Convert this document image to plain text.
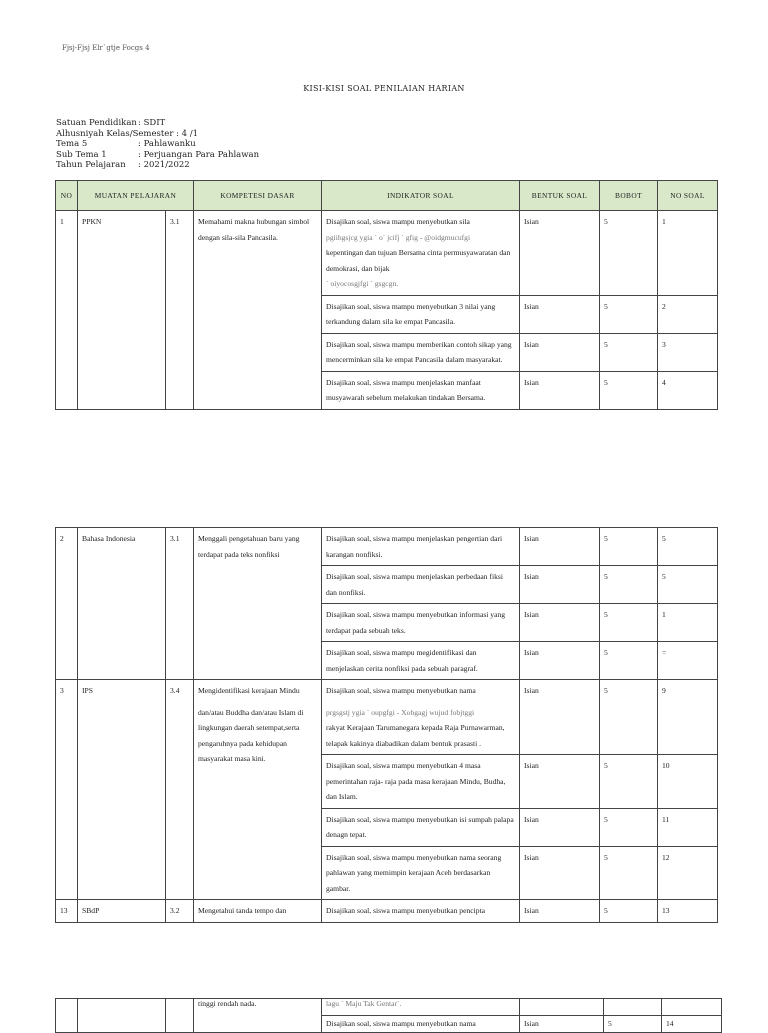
Fjsj-Fjsj Elr`gtje Focgs 4
KISI-KISI SOAL PENILAIAN HARIAN
Satuan Pendidikan : SDIT
Alhusniyah Kelas/Semester
: 4 /1
Tema 5	: Pahlawanku
Sub Tema 1	: Perjuangan Para Pahlawan
Tahun Pelajaran	: 2021/2022
NO	MUATAN PELAJARAN		KOMPETESI DASAR	INDIKATOR SOAL	BENTUK SOAL	BOBOT	NO SOAL
1	PPKN	3.1	Memahami makna hubungan simbol dengan sila-sila Pancasila.	Disajikan soal, siswa mampu menyebutkan sila
pgiihgsjcg ygia ` o` jcifj ` gfig - @oidgmucufgi
kepentingan dan tujuan Bersama cinta permusyawaratan dan demokrasi, dan bijak
` oiyocosgjfgi ` gsgcgn.	Isian	5	1
				Disajikan soal, siswa mampu menyebutkan 3 nilai yang terkandung dalam sila ke empat Pancasila.	Isian	5	2
				Disajikan soal, siswa mampu memberikan contoh sikap yang mencerminkan sila ke empat Pancasila dalam masyarakat.	Isian	5	3
				Disajikan soal, siswa mampu menjelaskan manfaat musyawarah sebelum melakukan tindakan Bersama.	Isian	5	4
2	Bahasa Indonesia	3.1	Menggali pengetahuan baru yang terdapat pada teks nonfiksi	Disajikan soal, siswa mampu menjelaskan pengertian dari karangan nonfiksi.	Isian	5	5
				Disajikan soal, siswa mampu menjelaskan perbedaan fiksi dan nonfiksi.	Isian	5	5
				Disajikan soal, siswa mampu menyebutkan informasi yang terdapat pada sebuah teks.	Isian	5	1
				Disajikan soal, siswa mampu megidentifikasi dan menjelaskan cerita nonfiksi pada sebuah paragraf.	Isian	5	=
3	IPS	3.4	Mengidentifikasi kerajaan Mindu
dan/atau Buddha dan/atau Islam di lingkungan daerah setempat,serta pengaruhnya pada kehidupan masyarakat masa kini.	Disajikan soal, siswa mampu menyebutkan nama
prgsgstj ygia ` oupgfgi - Xobgagj wujud fobjtggi
rakyat Kerajaan Tarumanegara kepada Raja Purnawarman, telapak kakinya diabadikan dalam bentuk prasasti .	Isian	5	9
				Disajikan soal, siswa mampu menyebutkan 4 masa pemerintahan raja- raja pada masa kerajaan Mindu, Budha, dan Islam.	Isian	5	10
				Disajikan soal, siswa mampu menyebutkan isi sumpah palapa denagn tepat.	Isian	5	11
				Disajikan soal, siswa mampu menyebutkan nama seorang pahlawan yang memimpin kerajaan Aceh berdasarkan gambar.	Isian	5	12
13	SBdP	3.2	Mengetahui tanda tempo dan	Disajikan soal, siswa mampu menyebutkan pencipta	Isian	5	13
			tinggi rendah nada.	lagu ` Maju Tak Gentar`.			
				Disajikan soal, siswa mampu menyebutkan nama	Isian	5	14
